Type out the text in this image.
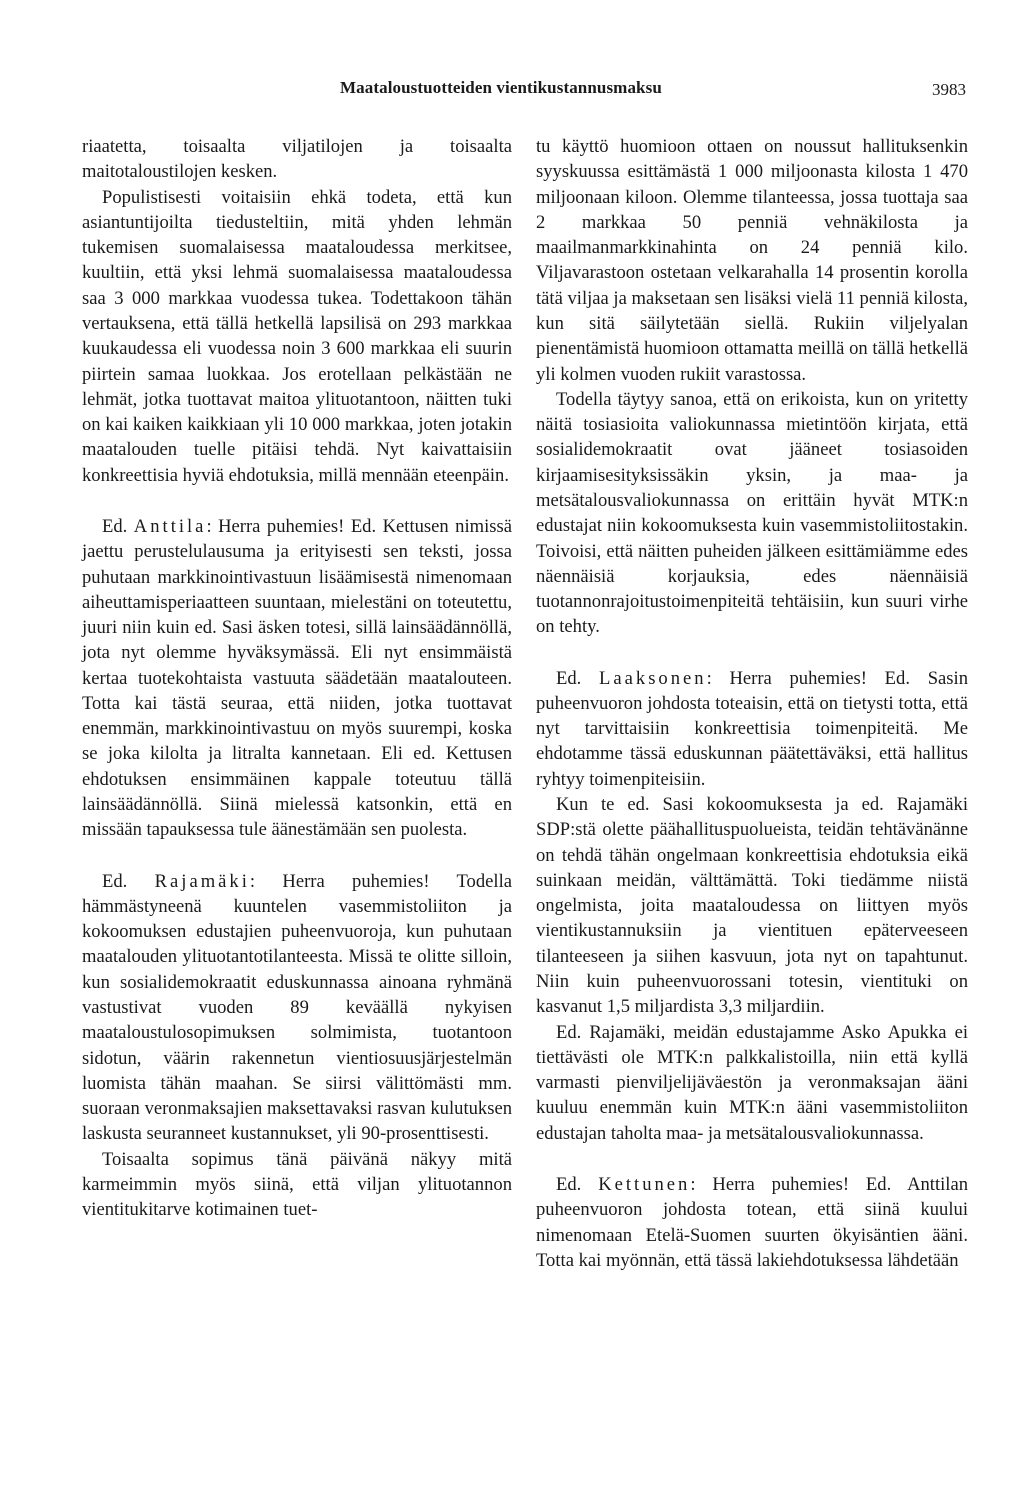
Maataloustuotteiden vientikustannusmaksu	3983

riaatetta, toisaalta viljatilojen ja toisaalta maitotaloustilojen kesken.

Populistisesti voitaisiin ehkä todeta, että kun asiantuntijoilta tiedusteltiin, mitä yhden lehmän tukemisen suomalaisessa maataloudessa merkitsee, kuultiin, että yksi lehmä suomalaisessa maataloudessa saa 3 000 markkaa vuodessa tukea. Todettakoon tähän vertauksena, että tällä hetkellä lapsilisä on 293 markkaa kuukaudessa eli vuodessa noin 3 600 markkaa eli suurin piirtein samaa luokkaa. Jos erotellaan pelkästään ne lehmät, jotka tuottavat maitoa ylituotantoon, näitten tuki on kai kaiken kaikkiaan yli 10 000 markkaa, joten jotakin maatalouden tuelle pitäisi tehdä. Nyt kaivattaisiin konkreettisia hyviä ehdotuksia, millä mennään eteenpäin.

Ed. Anttila: Herra puhemies! Ed. Kettusen nimissä jaettu perustelulausuma ja erityisesti sen teksti, jossa puhutaan markkinointivastuun lisäämisestä nimenomaan aiheuttamisperiaatteen suuntaan, mielestäni on toteutettu, juuri niin kuin ed. Sasi äsken totesi, sillä lainsäädännöllä, jota nyt olemme hyväksymässä. Eli nyt ensimmäistä kertaa tuotekohtaista vastuuta säädetään maatalouteen. Totta kai tästä seuraa, että niiden, jotka tuottavat enemmän, markkinointivastuu on myös suurempi, koska se joka kilolta ja litralta kannetaan. Eli ed. Kettusen ehdotuksen ensimmäinen kappale toteutuu tällä lainsäädännöllä. Siinä mielessä katsonkin, että en missään tapauksessa tule äänestämään sen puolesta.

Ed. Rajamäki: Herra puhemies! Todella hämmästyneenä kuuntelen vasemmistoliiton ja kokoomuksen edustajien puheenvuoroja, kun puhutaan maatalouden ylituotantotilanteesta. Missä te olitte silloin, kun sosialidemokraatit eduskunnassa ainoana ryhmänä vastustivat vuoden 89 keväällä nykyisen maataloustulosopimuksen solmimista, tuotantoon sidotun, väärin rakennetun vientiosuusjärjestelmän luomista tähän maahan. Se siirsi välittömästi mm. suoraan veronmaksajien maksettavaksi rasvan kulutuksen laskusta seuranneet kustannukset, yli 90-prosenttisesti.

Toisaalta sopimus tänä päivänä näkyy mitä karmeimmin myös siinä, että viljan ylituotannon vientitukitarve kotimainen tuet-

tu käyttö huomioon ottaen on noussut hallituksenkin syyskuussa esittämästä 1 000 miljoonasta kilosta 1 470 miljoonaan kiloon. Olemme tilanteessa, jossa tuottaja saa 2 markkaa 50 penniä vehnäkilosta ja maailmanmarkkinahinta on 24 penniä kilo. Viljavarastoon ostetaan velkarahalla 14 prosentin korolla tätä viljaa ja maksetaan sen lisäksi vielä 11 penniä kilosta, kun sitä säilytetään siellä. Rukiin viljelyalan pienentämistä huomioon ottamatta meillä on tällä hetkellä yli kolmen vuoden rukiit varastossa.

Todella täytyy sanoa, että on erikoista, kun on yritetty näitä tosiasioita valiokunnassa mietintöön kirjata, että sosialidemokraatit ovat jääneet tosiasoiden kirjaamisesityksissäkin yksin, ja maa- ja metsätalousvaliokunnassa on erittäin hyvät MTK:n edustajat niin kokoomuksesta kuin vasemmistoliitostakin. Toivoisi, että näitten puheiden jälkeen esittämiämme edes näennäisiä korjauksia, edes näennäisiä tuotannonrajoitustoimenpiteitä tehtäisiin, kun suuri virhe on tehty.

Ed. Laaksonen: Herra puhemies! Ed. Sasin puheenvuoron johdosta toteaisin, että on tietysti totta, että nyt tarvittaisiin konkreettisia toimenpiteitä. Me ehdotamme tässä eduskunnan päätettäväksi, että hallitus ryhtyy toimenpiteisiin.

Kun te ed. Sasi kokoomuksesta ja ed. Rajamäki SDP:stä olette päähallituspuolueista, teidän tehtävänänne on tehdä tähän ongelmaan konkreettisia ehdotuksia eikä suinkaan meidän, välttämättä. Toki tiedämme niistä ongelmista, joita maataloudessa on liittyen myös vientikustannuksiin ja vientituen epäterveeseen tilanteeseen ja siihen kasvuun, jota nyt on tapahtunut. Niin kuin puheenvuorossani totesin, vientituki on kasvanut 1,5 miljardista 3,3 miljardiin.

Ed. Rajamäki, meidän edustajamme Asko Apukka ei tiettävästi ole MTK:n palkkalistoilla, niin että kyllä varmasti pienviljelijäväestön ja veronmaksajan ääni kuuluu enemmän kuin MTK:n ääni vasemmistoliiton edustajan taholta maa- ja metsätalousvaliokunnassa.

Ed. Kettunen: Herra puhemies! Ed. Anttilan puheenvuoron johdosta totean, että siinä kuului nimenomaan Etelä-Suomen suurten ökyisäntien ääni. Totta kai myönnän, että tässä lakiehdotuksessa lähdetään
